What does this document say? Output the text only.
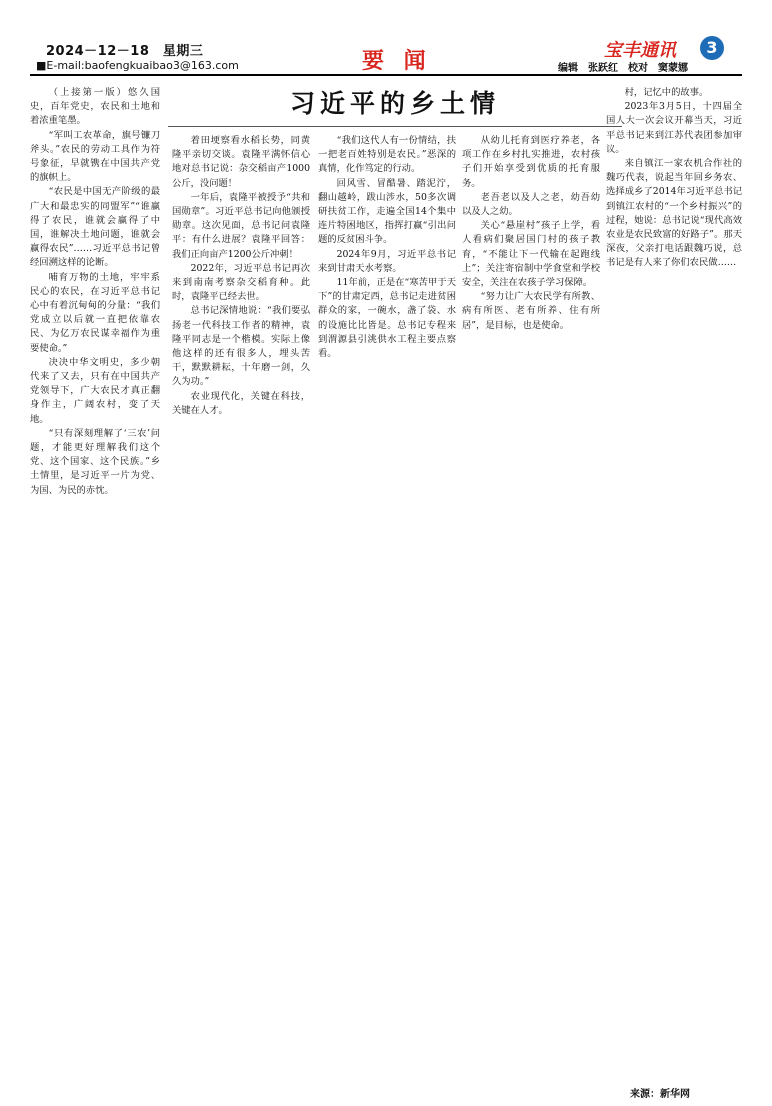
2024－12－18　星期三
■E-mail:baofengkuaibao3@163.com	要 闻	宝丰通讯	3
编辑　张跃红　校对　窦蒙娜
习近平的乡土情

（上接第一版）悠久国史，百年党史，农民和土地和着浓重笔墨。

“军叫工农革命，旗号镰刀斧头。”农民的劳动工具作为符号象征，早就镌在中国共产党的旗帜上。

“农民是中国无产阶级的最广大和最忠实的同盟军”“谁赢得了农民，谁就会赢得了中国，谁解决土地问题，谁就会赢得农民”……习近平总书记曾经回溯这样的论断。

哺育万物的土地，牢牢系民心的农民，在习近平总书记心中有着沉甸甸的分量：“我们党成立以后就一直把依靠农民、为亿万农民谋幸福作为重要使命。”

决决中华文明史，多少朝代来了又去，只有在中国共产党领导下，广大农民才真正翻身作主，广阔农村，变了天地。

“只有深刻理解了‘三农’问题，才能更好理解我们这个党、这个国家、这个民族。”乡土情里，是习近平一片为党、为国、为民的赤忱。

着田埂察看水稻长势，同黄隆平亲切交谈。袁隆平满怀信心地对总书记说：杂交稻亩产1000公斤，没问题！

一年后，袁隆平被授予“共和国勋章”。习近平总书记向他颁授勋章。这次见面，总书记问袁隆平：有什么进展？袁隆平回答：我们正向亩产1200公斤冲刺！

2022年，习近平总书记再次来到南南考察杂交稻育种。此时，袁隆平已经去世。

总书记深情地说：“我们要弘扬老一代科技工作者的精神，袁隆平同志是一个楷模。实际上像他这样的还有很多人，埋头苦干，默默耕耘，十年磨一剑，久久为功。”

农业现代化，关键在科技，关键在人才。

“我们这代人有一份情结，扶一把老百姓特别是农民。”恶深的真情，化作笃定的行动。

回风雪、冒酷暑、踏泥泞，翻山越岭，跋山涉水，50多次调研扶贫工作，走遍全国14个集中连片特困地区，指挥打赢“引出问题的反贫困斗争。

2024年9月，习近平总书记来到甘肃天水考察。

11年前，正是在“寒苦甲于天下”的甘肃定西，总书记走进贫困群众的家，一碗水，盏了袋、水的设施比比皆是。总书记专程来到渭源县引洮供水工程主要点察看。

从幼儿托育到医疗养老，各项工作在乡村扎实推进，农村孩子们开始享受到优质的托育服务。

老吾老以及人之老，幼吾幼以及人之幼。

关心“悬崖村”孩子上学，看人看病们聚居国门村的孩子教育，“不能让下一代输在起跑线上”；关注寄宿制中学食堂和学校安全，关注在农孩子学习保障。

“努力让广大农民学有所教、病有所医、老有所养、住有所居”，是目标，也是使命。

村，记忆中的故事。

2023年3月5日，十四届全国人大一次会议开幕当天，习近平总书记来到江苏代表团参加审议。

来自镇江一家农机合作社的魏巧代表，说起当年回乡务农、选择成乡了2014年习近平总书记到镇江农村的“一个乡村振兴”的过程，她说：总书记说“现代高效农业是农民致富的好路子”。那天深夜，父亲打电话跟魏巧说，总书记是有人来了你们农民做……

来源：新华网
